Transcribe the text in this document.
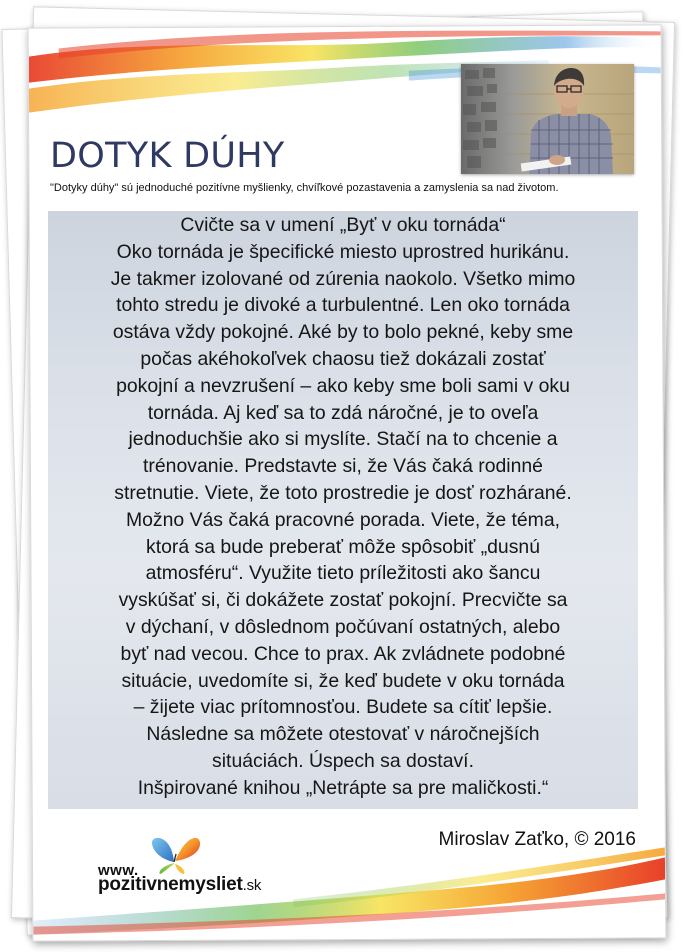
DOTYK DÚHY
"Dotyky dúhy" sú jednoduché pozitívne myšlienky, chvíľkové pozastavenia a zamyslenia sa nad životom.
Cvičte sa v umení „Byť v oku tornáda“
Oko tornáda je špecifické miesto uprostred hurikánu.
Je takmer izolované od zúrenia naokolo. Všetko mimo
tohto stredu je divoké a turbulentné. Len oko tornáda
ostáva vždy pokojné. Aké by to bolo pekné, keby sme
počas akéhokoľvek chaosu tiež dokázali zostať
pokojní a nevzrušení – ako keby sme boli sami v oku
tornáda. Aj keď sa to zdá náročné, je to oveľa
jednoduchšie ako si myslíte. Stačí na to chcenie a
trénovanie. Predstavte si, že Vás čaká rodinné
stretnutie. Viete, že toto prostredie je dosť rozhárané.
Možno Vás čaká pracovné porada. Viete, že téma,
ktorá sa bude preberať môže spôsobiť „dusnú
atmosféru“. Využite tieto príležitosti ako šancu
vyskúšať si, či dokážete zostať pokojní. Precvičte sa
v dýchaní, v dôslednom počúvaní ostatných, alebo
byť nad vecou. Chce to prax. Ak zvládnete podobné
situácie, uvedomíte si, že keď budete v oku tornáda
– žijete viac prítomnosťou. Budete sa cítiť lepšie.
Následne sa môžete otestovať v náročnejších
situáciách. Úspech sa dostaví.
Inšpirované knihou „Netrápte sa pre maličkosti.“
Miroslav Zaťko, © 2016
www.
pozitivnemysliet.sk
